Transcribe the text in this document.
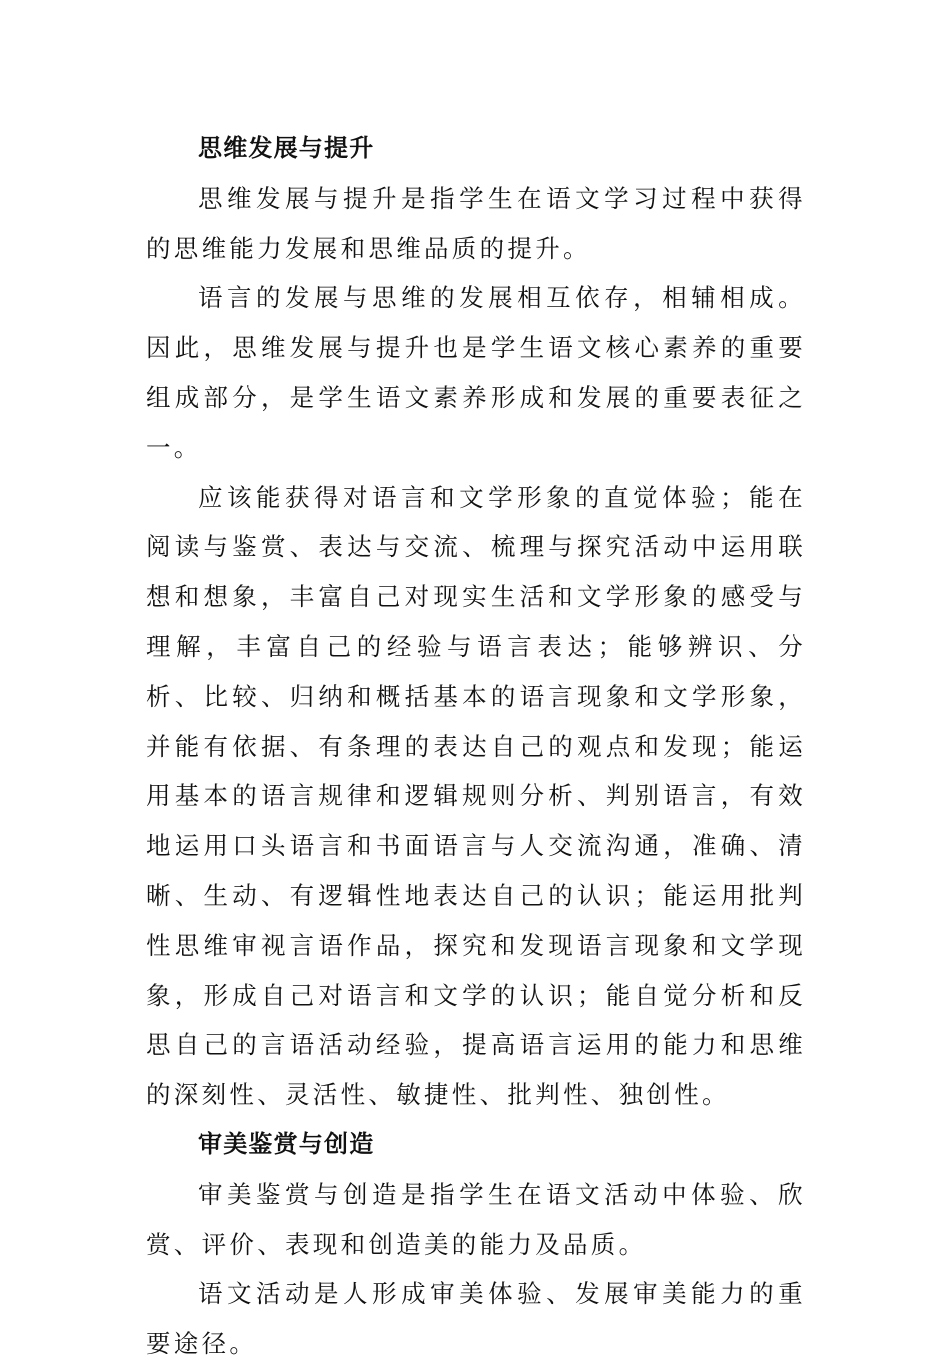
思维发展与提升

思维发展与提升是指学生在语文学习过程中获得的思维能力发展和思维品质的提升。

语言的发展与思维的发展相互依存，相辅相成。因此，思维发展与提升也是学生语文核心素养的重要组成部分，是学生语文素养形成和发展的重要表征之一。

应该能获得对语言和文学形象的直觉体验；能在阅读与鉴赏、表达与交流、梳理与探究活动中运用联想和想象，丰富自己对现实生活和文学形象的感受与理解，丰富自己的经验与语言表达；能够辨识、分析、比较、归纳和概括基本的语言现象和文学形象，并能有依据、有条理的表达自己的观点和发现；能运用基本的语言规律和逻辑规则分析、判别语言，有效地运用口头语言和书面语言与人交流沟通，准确、清晰、生动、有逻辑性地表达自己的认识；能运用批判性思维审视言语作品，探究和发现语言现象和文学现象，形成自己对语言和文学的认识；能自觉分析和反思自己的言语活动经验，提高语言运用的能力和思维的深刻性、灵活性、敏捷性、批判性、独创性。

审美鉴赏与创造

审美鉴赏与创造是指学生在语文活动中体验、欣赏、评价、表现和创造美的能力及品质。

语文活动是人形成审美体验、发展审美能力的重要途径。
